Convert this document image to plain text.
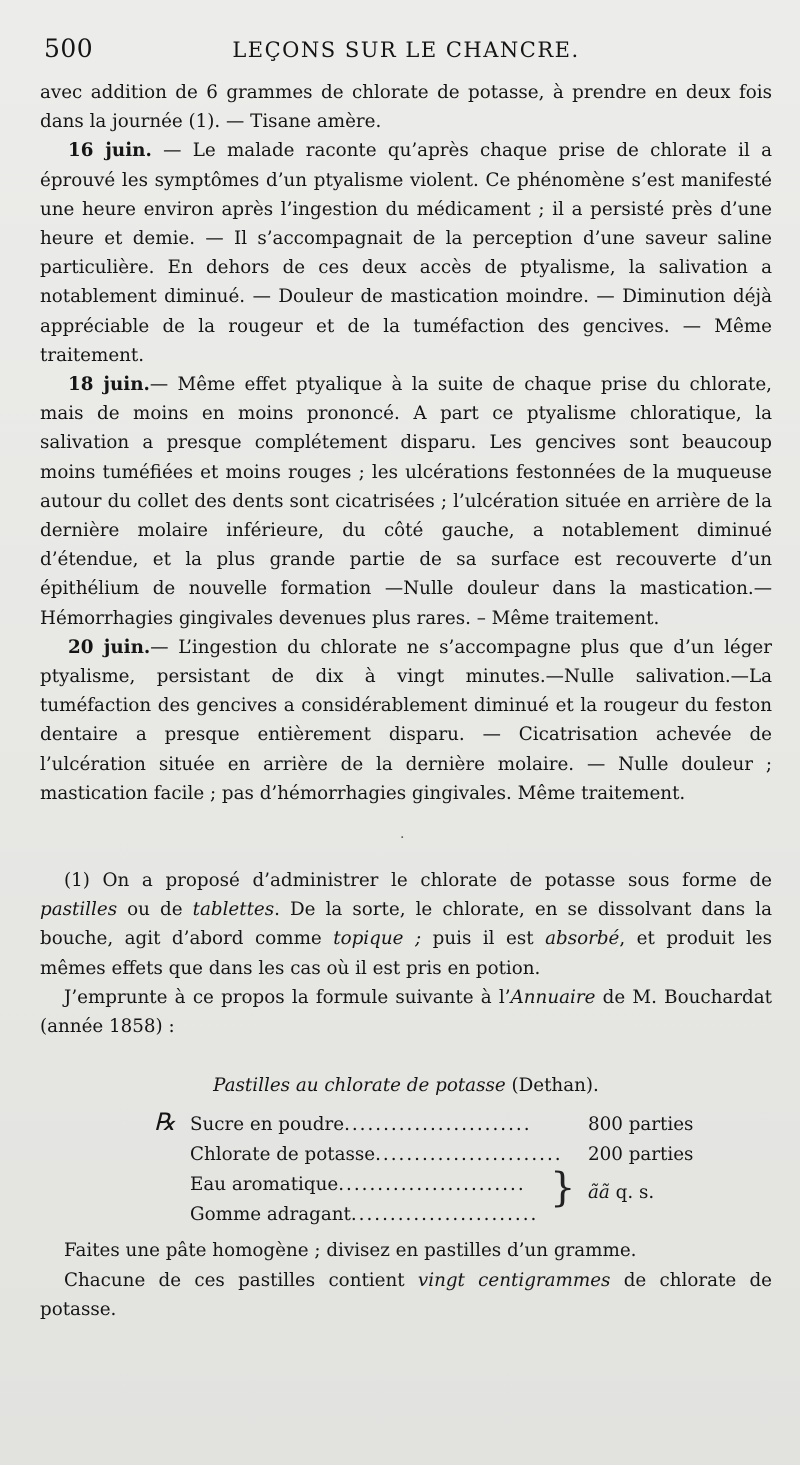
500	LEÇONS SUR LE CHANCRE.

avec addition de 6 grammes de chlorate de potasse, à prendre en deux fois dans la journée (1). — Tisane amère.

16 juin. — Le malade raconte qu’après chaque prise de chlorate il a éprouvé les symptômes d’un ptyalisme violent. Ce phénomène s’est manifesté une heure environ après l’ingestion du médicament ; il a persisté près d’une heure et demie. — Il s’accompagnait de la perception d’une saveur saline particulière. En dehors de ces deux accès de ptyalisme, la salivation a notablement diminué. — Douleur de mastication moindre. — Diminution déjà appréciable de la rougeur et de la tuméfaction des gencives. — Même traitement.

18 juin.— Même effet ptyalique à la suite de chaque prise du chlorate, mais de moins en moins prononcé. A part ce ptyalisme chloratique, la salivation a presque complétement disparu. Les gencives sont beaucoup moins tuméfiées et moins rouges ; les ulcérations festonnées de la muqueuse autour du collet des dents sont cicatrisées ; l’ulcération située en arrière de la dernière molaire inférieure, du côté gauche, a notablement diminué d’étendue, et la plus grande partie de sa surface est recouverte d’un épithélium de nouvelle formation —Nulle douleur dans la mastication.—Hémorrhagies gingivales devenues plus rares. – Même traitement.

20 juin.— L’ingestion du chlorate ne s’accompagne plus que d’un léger ptyalisme, persistant de dix à vingt minutes.—Nulle salivation.—La tuméfaction des gencives a considérablement diminué et la rougeur du feston dentaire a presque entièrement disparu. — Cicatrisation achevée de l’ulcération située en arrière de la dernière molaire. — Nulle douleur ; mastication facile ; pas d’hémorrhagies gingivales. Même traitement.

·

(1) On a proposé d’administrer le chlorate de potasse sous forme de pastilles ou de tablettes. De la sorte, le chlorate, en se dissolvant dans la bouche, agit d’abord comme topique ; puis il est absorbé, et produit les mêmes effets que dans les cas où il est pris en potion.

J’emprunte à ce propos la formule suivante à l’Annuaire de M. Bouchardat (année 1858) :

Pastilles au chlorate de potasse (Dethan).
℞ Sucre en poudre........................	800 parties
Chlorate de potasse........................ 200 parties
Eau aromatique........................
Gomme adragant........................
} ãã q. s.

Faites une pâte homogène ; divisez en pastilles d’un gramme.

Chacune de ces pastilles contient vingt centigrammes de chlorate de potasse.
